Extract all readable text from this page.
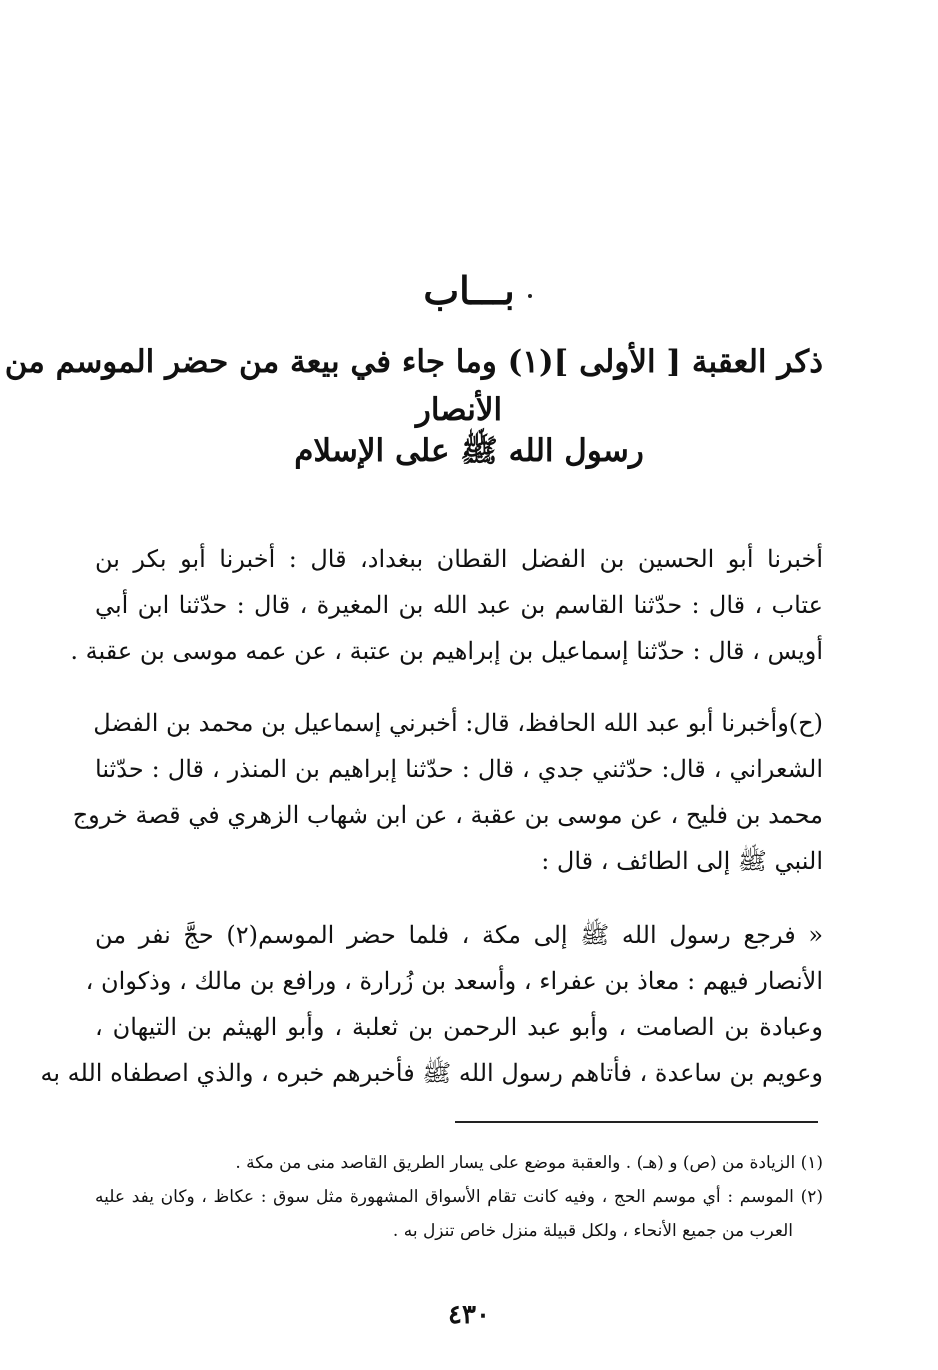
بـــاب
ذكر العقبة [ الأولى ](١) وما جاء في بيعة من حضر الموسم من
الأنصار
رسول الله ﷺ على الإسلام
أخبرنا أبو الحسين بن الفضل القطان ببغداد، قال : أخبرنا أبو بكر بن
عتاب ، قال : حدّثنا القاسم بن عبد الله بن المغيرة ، قال : حدّثنا ابن أبي
أويس ، قال : حدّثنا إسماعيل بن إبراهيم بن عتبة ، عن عمه موسى بن عقبة .
(ح)وأخبرنا أبو عبد الله الحافظ، قال: أخبرني إسماعيل بن محمد بن الفضل
الشعراني ، قال: حدّثني جدي ، قال : حدّثنا إبراهيم بن المنذر ، قال : حدّثنا
محمد بن فليح ، عن موسى بن عقبة ، عن ابن شهاب الزهري في قصة خروج
النبي ﷺ إلى الطائف ، قال :
« فرجع رسول الله ﷺ إلى مكة ، فلما حضر الموسم(٢) حجَّ نفر من
الأنصار فيهم : معاذ بن عفراء ، وأسعد بن زُرارة ، ورافع بن مالك ، وذكوان ،
وعبادة بن الصامت ، وأبو عبد الرحمن بن ثعلبة ، وأبو الهيثم بن التيهان ،
وعويم بن ساعدة ، فأتاهم رسول الله ﷺ فأخبرهم خبره ، والذي اصطفاه الله به
(١) الزيادة من (ص) و (هـ) . والعقبة موضع على يسار الطريق القاصد منى من مكة .
(٢) الموسم : أي موسم الحج ، وفيه كانت تقام الأسواق المشهورة مثل سوق : عكاظ ، وكان يفد عليه
العرب من جميع الأنحاء ، ولكل قبيلة منزل خاص تنزل به .
٤٣٠
